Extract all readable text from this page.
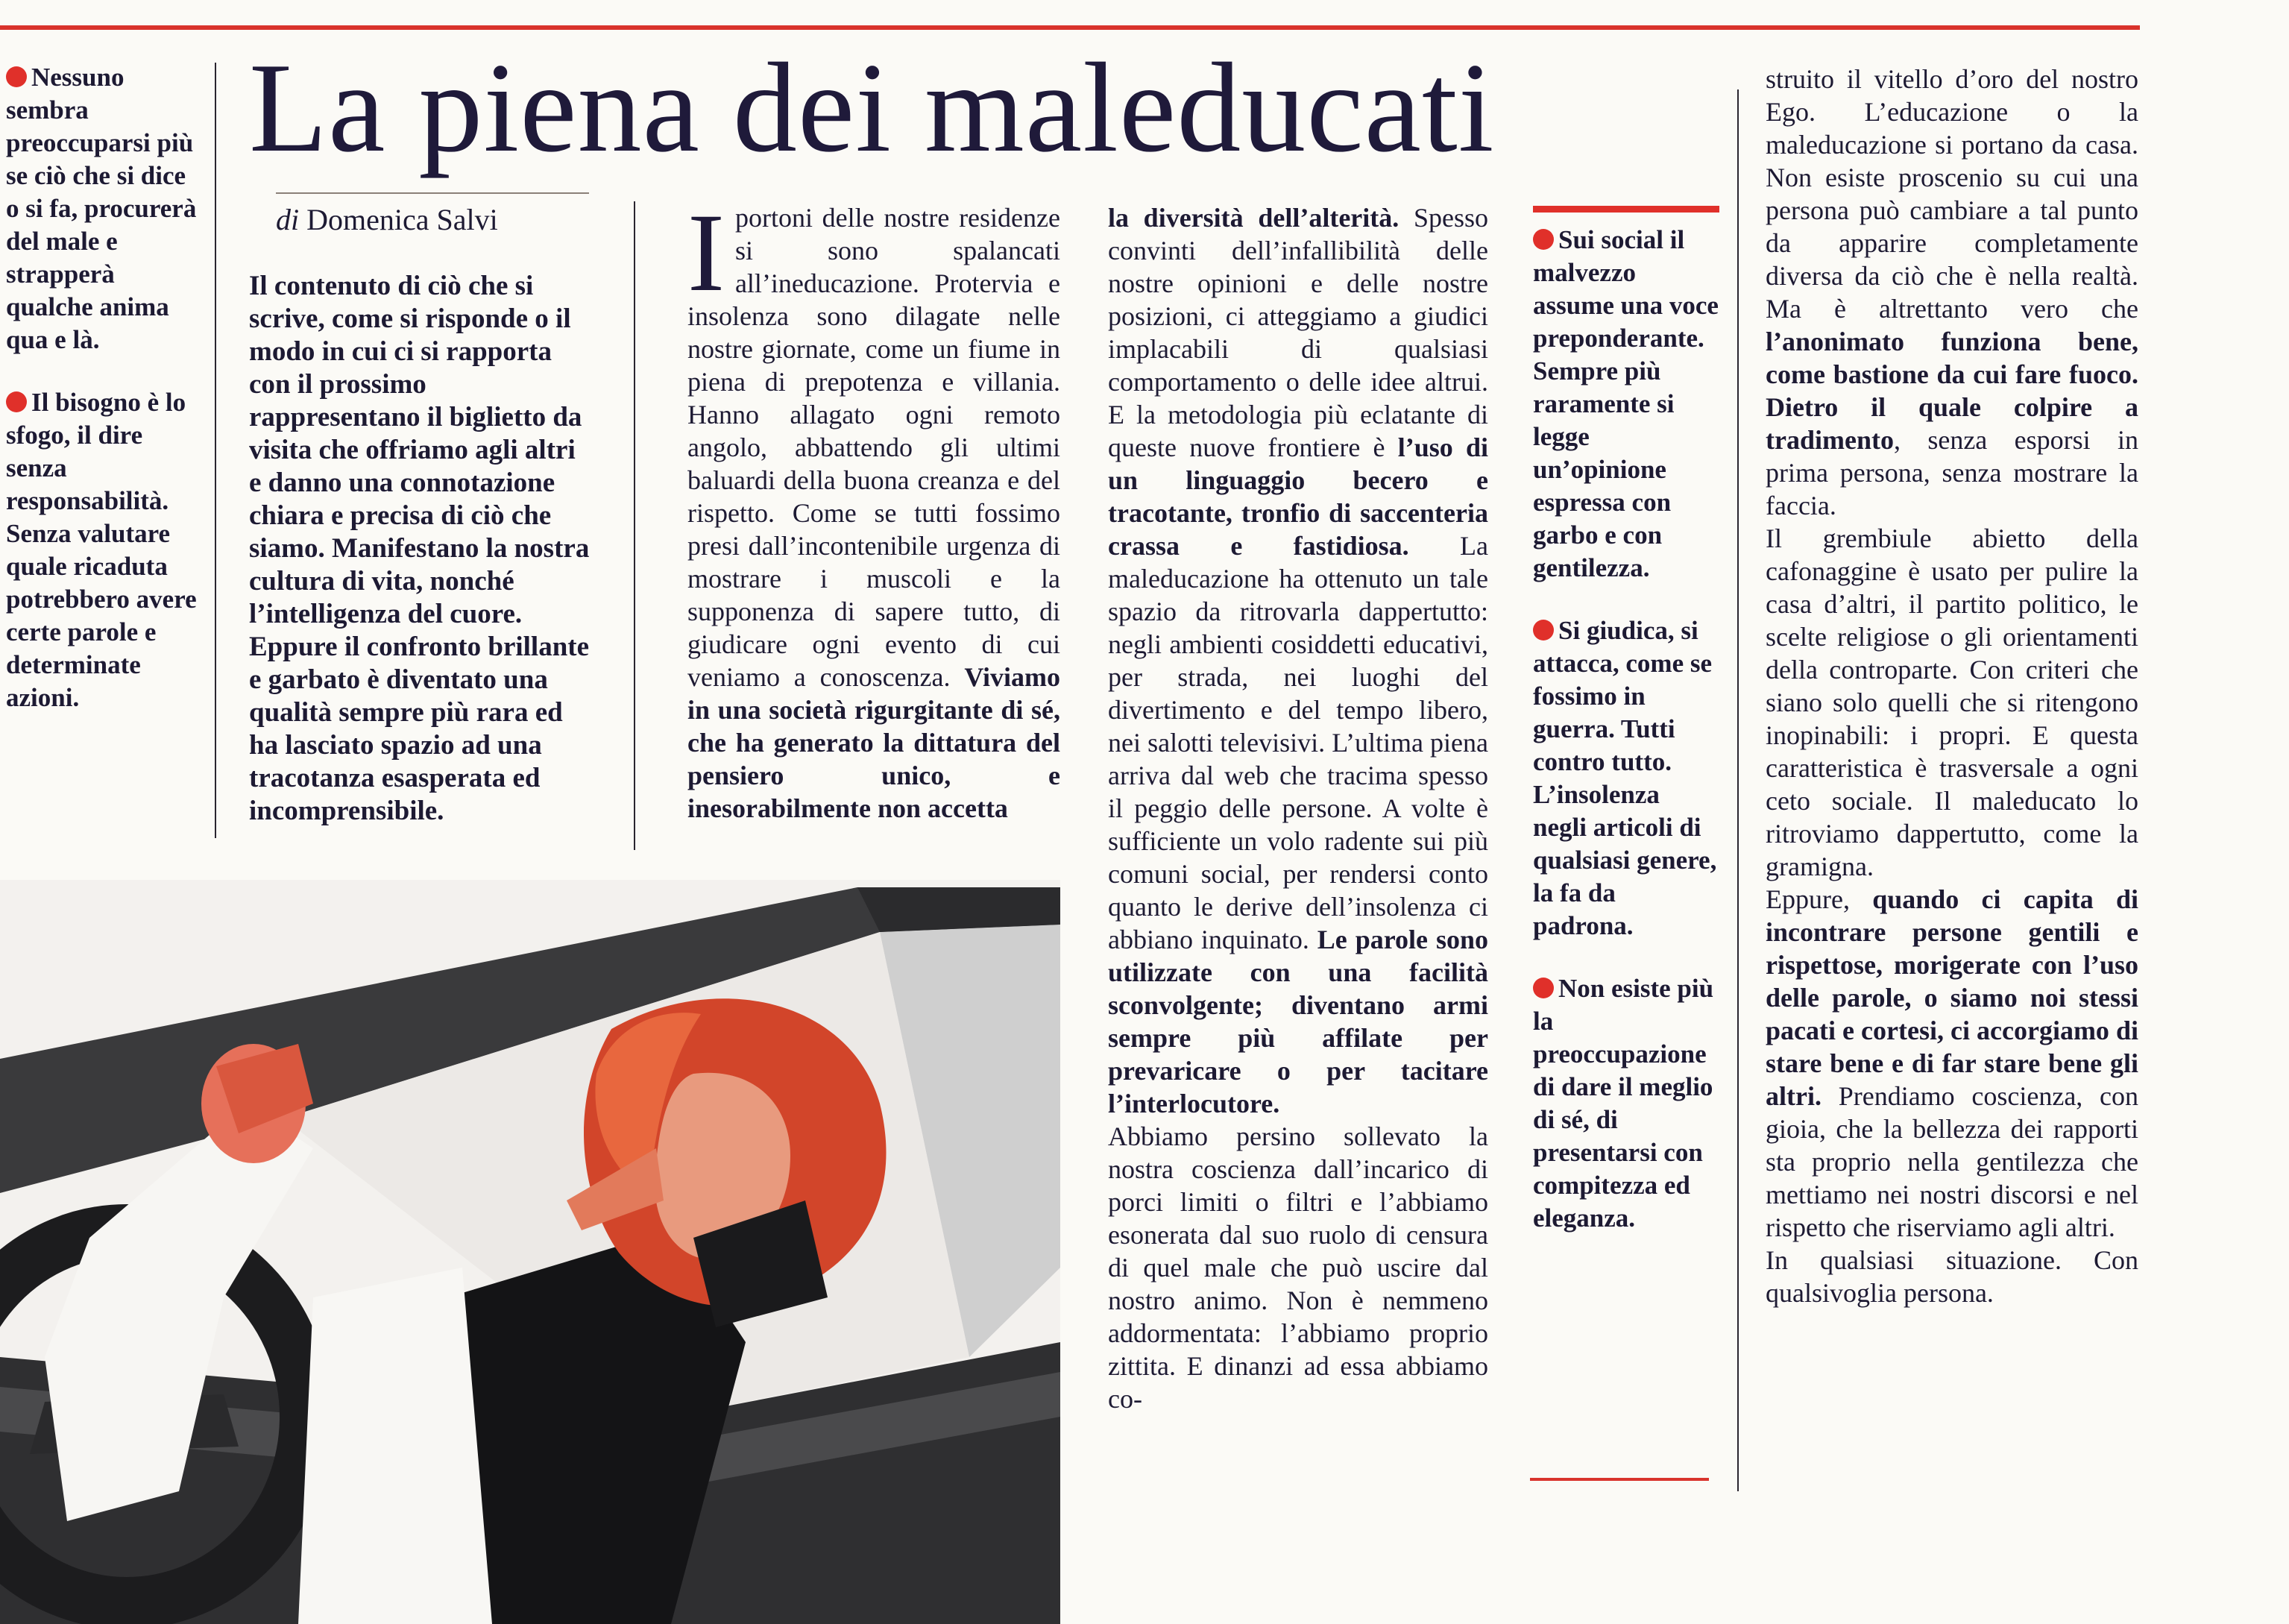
Nessuno sembra preoccuparsi più se ciò che si dice o si fa, procurerà del male e strapperà qualche anima qua e là.

Il bisogno è lo sfogo, il dire senza responsabilità. Senza valutare quale ricaduta potrebbero avere certe parole e determinate azioni.

La piena dei maleducati

di Domenica Salvi

Il contenuto di ciò che si scrive, come si risponde o il modo in cui ci si rapporta con il prossimo rappresentano il biglietto da visita che offriamo agli altri e danno una connotazione chiara e precisa di ciò che siamo. Manifestano la nostra cultura di vita, nonché l’intelligenza del cuore. Eppure il confronto brillante e garbato è diventato una qualità sempre più rara ed ha lasciato spazio ad una tracotanza esasperata ed incomprensibile.

I portoni delle nostre residenze si sono spalancati all’ineducazione. Protervia e insolenza sono dilagate nelle nostre giornate, come un fiume in piena di prepotenza e villania. Hanno allagato ogni remoto angolo, abbattendo gli ultimi baluardi della buona creanza e del rispetto. Come se tutti fossimo presi dall’incontenibile urgenza di mostrare i muscoli e la supponenza di sapere tutto, di giudicare ogni evento di cui veniamo a conoscenza. Viviamo in una società rigurgitante di sé, che ha generato la dittatura del pensiero unico, e inesorabilmente non accetta

la diversità dell’alterità. Spesso convinti dell’infallibilità delle nostre opinioni e delle nostre posizioni, ci atteggiamo a giudici implacabili di qualsiasi comportamento o delle idee altrui. E la metodologia più eclatante di queste nuove frontiere è l’uso di un linguaggio becero e tracotante, tronfio di saccenteria crassa e fastidiosa. La maleducazione ha ottenuto un tale spazio da ritrovarla dappertutto: negli ambienti cosiddetti educativi, per strada, nei luoghi del divertimento e del tempo libero, nei salotti televisivi. L’ultima piena arriva dal web che tracima spesso il peggio delle persone. A volte è sufficiente un volo radente sui più comuni social, per rendersi conto quanto le derive dell’insolenza ci abbiano inquinato. Le parole sono utilizzate con una facilità sconvolgente; diventano armi sempre più affilate per prevaricare o per tacitare l’interlocutore.

Abbiamo persino sollevato la nostra coscienza dall’incarico di porci limiti o filtri e l’abbiamo esonerata dal suo ruolo di censura di quel male che può uscire dal nostro animo. Non è nemmeno addormentata: l’abbiamo proprio zittita. E dinanzi ad essa abbiamo co-

Sui social il malvezzo assume una voce preponderante. Sempre più raramente si legge un’opinione espressa con garbo e con gentilezza.

Si giudica, si attacca, come se fossimo in guerra. Tutti contro tutto. L’insolenza negli articoli di qualsiasi genere, la fa da padrona.

Non esiste più la preoccupazione di dare il meglio di sé, di presentarsi con compitezza ed eleganza.

struito il vitello d’oro del nostro Ego. L’educazione o la maleducazione si portano da casa. Non esiste proscenio su cui una persona può cambiare a tal punto da apparire completamente diversa da ciò che è nella realtà. Ma è altrettanto vero che l’anonimato funziona bene, come bastione da cui fare fuoco. Dietro il quale colpire a tradimento, senza esporsi in prima persona, senza mostrare la faccia.

Il grembiule abietto della cafonaggine è usato per pulire la casa d’altri, il partito politico, le scelte religiose o gli orientamenti della controparte. Con criteri che siano solo quelli che si ritengono inopinabili: i propri. E questa caratteristica è trasversale a ogni ceto sociale. Il maleducato lo ritroviamo dappertutto, come la gramigna.

Eppure, quando ci capita di incontrare persone gentili e rispettose, morigerate con l’uso delle parole, o siamo noi stessi pacati e cortesi, ci accorgiamo di stare bene e di far stare bene gli altri. Prendiamo coscienza, con gioia, che la bellezza dei rapporti sta proprio nella gentilezza che mettiamo nei nostri discorsi e nel rispetto che riserviamo agli altri.

In qualsiasi situazione. Con qualsivoglia persona.
